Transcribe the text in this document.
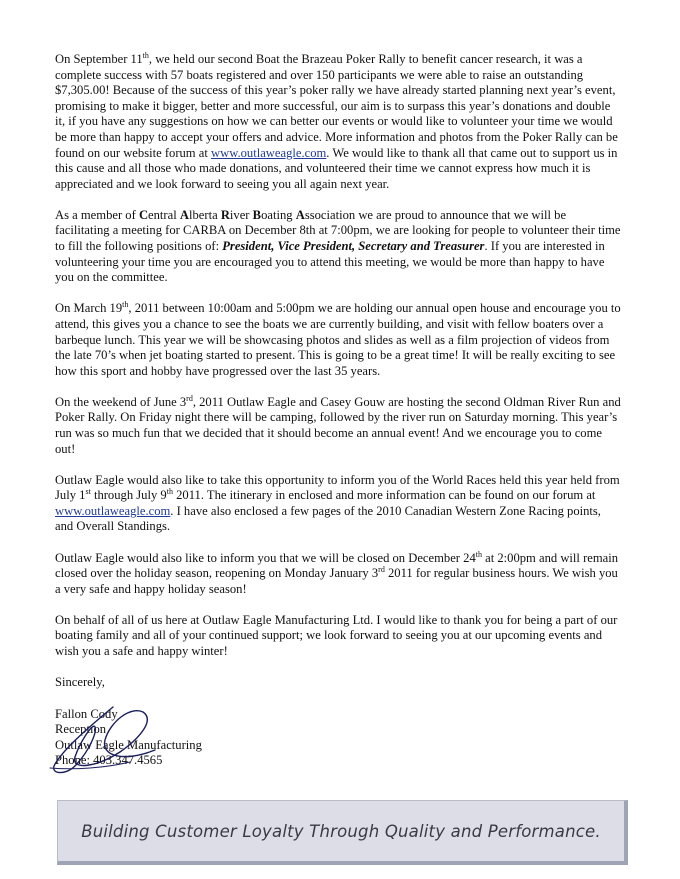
On September 11th, we held our second Boat the Brazeau Poker Rally to benefit cancer research, it was a complete success with 57 boats registered and over 150 participants we were able to raise an outstanding $7,305.00! Because of the success of this year’s poker rally we have already started planning next year’s event, promising to make it bigger, better and more successful, our aim is to surpass this year’s donations and double it, if you have any suggestions on how we can better our events or would like to volunteer your time we would be more than happy to accept your offers and advice. More information and photos from the Poker Rally can be found on our website forum at www.outlaweagle.com. We would like to thank all that came out to support us in this cause and all those who made donations, and volunteered their time we cannot express how much it is appreciated and we look forward to seeing you all again next year.

As a member of Central Alberta River Boating Association we are proud to announce that we will be facilitating a meeting for CARBA on December 8th at 7:00pm, we are looking for people to volunteer their time to fill the following positions of: President, Vice President, Secretary and Treasurer. If you are interested in volunteering your time you are encouraged you to attend this meeting, we would be more than happy to have you on the committee.

On March 19th, 2011 between 10:00am and 5:00pm we are holding our annual open house and encourage you to attend, this gives you a chance to see the boats we are currently building, and visit with fellow boaters over a barbeque lunch. This year we will be showcasing photos and slides as well as a film projection of videos from the late 70’s when jet boating started to present. This is going to be a great time! It will be really exciting to see how this sport and hobby have progressed over the last 35 years.

On the weekend of June 3rd, 2011 Outlaw Eagle and Casey Gouw are hosting the second Oldman River Run and Poker Rally. On Friday night there will be camping, followed by the river run on Saturday morning. This year’s run was so much fun that we decided that it should become an annual event! And we encourage you to come out!

Outlaw Eagle would also like to take this opportunity to inform you of the World Races held this year held from July 1st through July 9th 2011. The itinerary in enclosed and more information can be found on our forum at www.outlaweagle.com. I have also enclosed a few pages of the 2010 Canadian Western Zone Racing points, and Overall Standings.

Outlaw Eagle would also like to inform you that we will be closed on December 24th at 2:00pm and will remain closed over the holiday season, reopening on Monday January 3rd 2011 for regular business hours. We wish you a very safe and happy holiday season!

On behalf of all of us here at Outlaw Eagle Manufacturing Ltd. I would like to thank you for being a part of our boating family and all of your continued support; we look forward to seeing you at our upcoming events and wish you a safe and happy winter!

Sincerely,

Fallon Cody

Reception

Outlaw Eagle Manufacturing

Phone: 403.347.4565

Building Customer Loyalty Through Quality and Performance.
